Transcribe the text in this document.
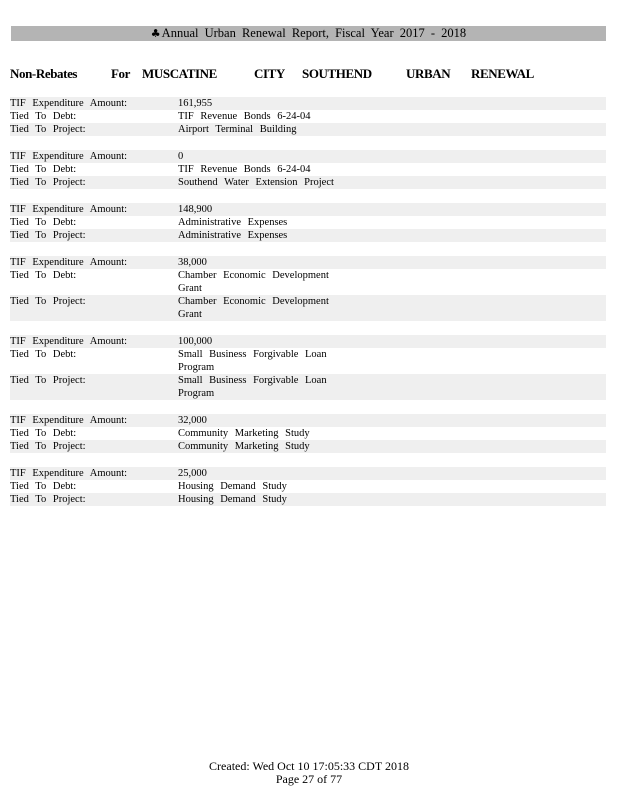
♣Annual Urban Renewal Report, Fiscal Year 2017 - 2018
Non-Rebates	For MUSCATINE	CITY SOUTHEND	URBAN RENEWAL
TIF Expenditure Amount:	161,955
Tied To Debt:	TIF Revenue Bonds 6-24-04
Tied To Project:	Airport Terminal Building
TIF Expenditure Amount:	0
Tied To Debt:	TIF Revenue Bonds 6-24-04
Tied To Project:	Southend Water Extension Project
TIF Expenditure Amount:	148,900
Tied To Debt:	Administrative Expenses
Tied To Project:	Administrative Expenses
TIF Expenditure Amount:	38,000
Tied To Debt:	Chamber Economic Development Grant
Tied To Project:	Chamber Economic Development Grant
TIF Expenditure Amount:	100,000
Tied To Debt:	Small Business Forgivable Loan Program
Tied To Project:	Small Business Forgivable Loan Program
TIF Expenditure Amount:	32,000
Tied To Debt:	Community Marketing Study
Tied To Project:	Community Marketing Study
TIF Expenditure Amount:	25,000
Tied To Debt:	Housing Demand Study
Tied To Project:	Housing Demand Study
Created: Wed Oct 10 17:05:33 CDT 2018
Page 27 of 77
